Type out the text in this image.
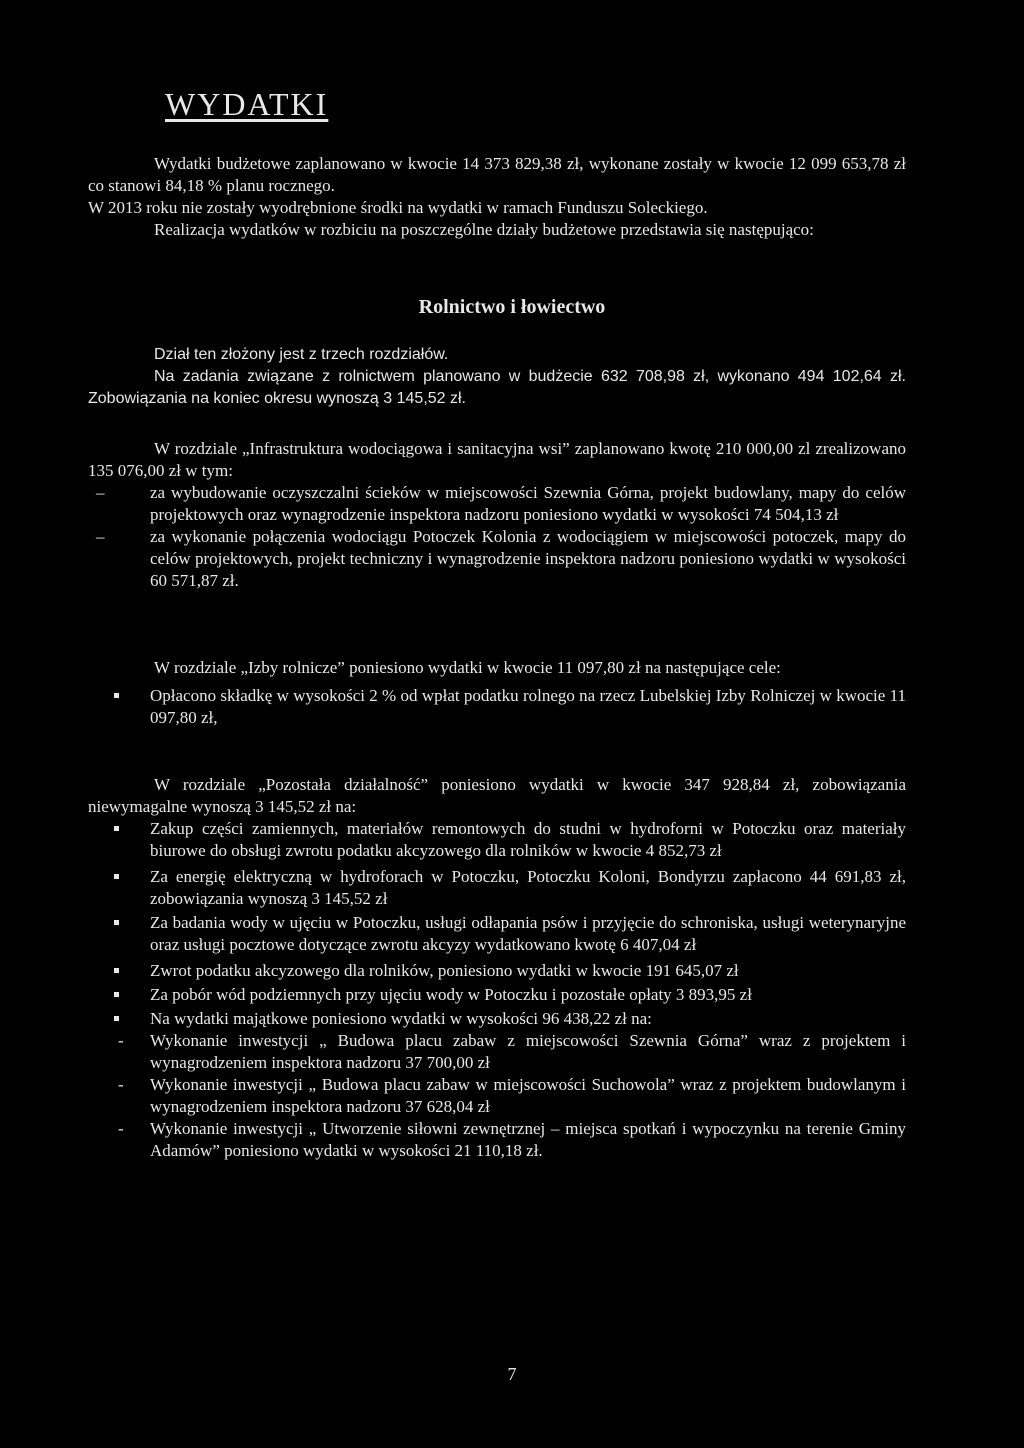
WYDATKI

Wydatki budżetowe zaplanowano w kwocie 14 373 829,38 zł, wykonane zostały w kwocie 12 099 653,78 zł co stanowi 84,18 % planu rocznego.

W 2013 roku nie zostały wyodrębnione środki na wydatki w ramach Funduszu Soleckiego.

Realizacja wydatków w rozbiciu na poszczególne działy budżetowe przedstawia się następująco:

Rolnictwo i łowiectwo

Dział ten złożony jest z trzech rozdziałów.

Na zadania związane z rolnictwem planowano w budżecie 632 708,98 zł, wykonano 494 102,64 zł. Zobowiązania na koniec okresu wynoszą 3 145,52 zł.

W rozdziale „Infrastruktura wodociągowa i sanitacyjna wsi” zaplanowano kwotę 210 000,00 zl zrealizowano 135 076,00 zł w tym:

–	za wybudowanie oczyszczalni ścieków w miejscowości Szewnia Górna, projekt budowlany, mapy do celów projektowych oraz wynagrodzenie inspektora nadzoru poniesiono wydatki w wysokości 74 504,13 zł
–	za wykonanie połączenia wodociągu Potoczek Kolonia z wodociągiem w miejscowości potoczek, mapy do celów projektowych, projekt techniczny i wynagrodzenie inspektora nadzoru poniesiono wydatki w wysokości 60 571,87 zł.

W rozdziale „Izby rolnicze” poniesiono wydatki w kwocie 11 097,80 zł na następujące cele:

Opłacono składkę w wysokości 2 % od wpłat podatku rolnego na rzecz Lubelskiej Izby Rolniczej w kwocie 11 097,80 zł,

W rozdziale „Pozostała działalność” poniesiono wydatki w kwocie 347 928,84 zł, zobowiązania niewymagalne wynoszą 3 145,52 zł na:

Zakup części zamiennych, materiałów remontowych do studni w hydroforni w Potoczku oraz materiały biurowe do obsługi zwrotu podatku akcyzowego dla rolników w kwocie 4 852,73 zł
Za energię elektryczną w hydroforach w Potoczku, Potoczku Koloni, Bondyrzu zapłacono 44 691,83 zł, zobowiązania wynoszą 3 145,52 zł
Za badania wody w ujęciu w Potoczku, usługi odłapania psów i przyjęcie do schroniska, usługi weterynaryjne oraz usługi pocztowe dotyczące zwrotu akcyzy wydatkowano kwotę 6 407,04 zł
Zwrot podatku akcyzowego dla rolników, poniesiono wydatki w kwocie 191 645,07 zł
Za pobór wód podziemnych przy ujęciu wody w Potoczku i pozostałe opłaty 3 893,95 zł
Na wydatki majątkowe poniesiono wydatki w wysokości 96 438,22 zł na:
- Wykonanie inwestycji „ Budowa placu zabaw z miejscowości Szewnia Górna” wraz z projektem i wynagrodzeniem inspektora nadzoru 37 700,00 zł
- Wykonanie inwestycji „ Budowa placu zabaw w miejscowości Suchowola” wraz z projektem budowlanym i wynagrodzeniem inspektora nadzoru 37 628,04 zł
- Wykonanie inwestycji „ Utworzenie siłowni zewnętrznej – miejsca spotkań i wypoczynku na terenie Gminy Adamów” poniesiono wydatki w wysokości 21 110,18 zł.
7
